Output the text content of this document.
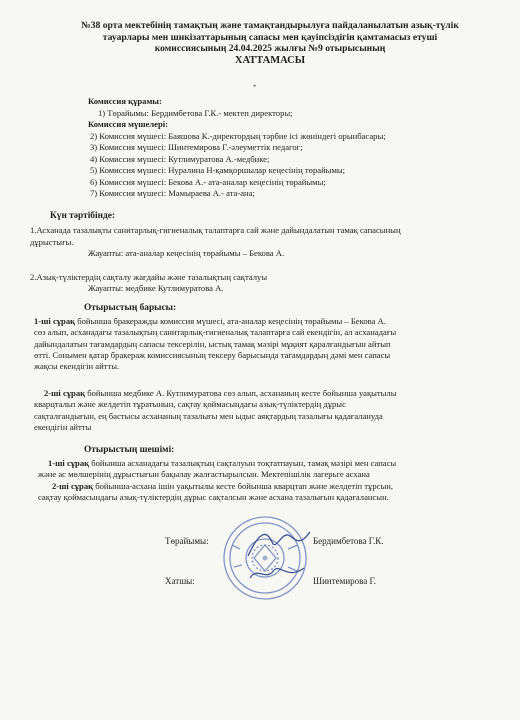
№38 орта мектебінің тамақтың және тамақтандырылуға пайдаланылатын азық-түлік
тауарлары мен шикізаттарының сапасы мен қауіпсіздігін қамтамасыз етуші
комиссиясының 24.04.2025 жылғы №9 отырысының
ХАТТАМАСЫ
•
Комиссия құрамы:
1) Төрайымы: Бердимбетова Г.К.- мектеп директоры;
Комиссия мүшелері:
2) Комиссия мүшесі: Баяшова К.-директордың тәрбие ісі жөніндегі орынбасары;
3) Комиссия мүшесі: Шинтемирова Г.-әлеуметтік педагог;
4) Комиссия мүшесі: Кутлимуратова А.-медбике;
5) Комиссия мүшесі: Нуралина Н-қамқоршылар кеңесінің төрайымы;
6) Комиссия мүшесі: Бекова А.- ата-аналар кеңесінің төрайымы;
7) Комиссия мүшесі: Мамыраева А.- ата-ана;
Күн тәртібінде:
1.Асханада тазалықты санитарлық-гигиеналық талаптарға сай және дайындалатын тамақ сапасының
дұрыстығы.
Жауапты: ата-аналар кеңесінің төрайымы – Бекова А.
2.Азық-түліктердің сақталу жағдайы және тазалықтың сақталуы
Жауапты: медбике Кутлимуратова А.
Отырыстың барысы:
1-ші сұрақ бойынша бракеражды комиссия мүшесі, ата-аналар кеңесінің төрайымы – Бекова А.
сөз алып, асханадағы тазалықтың санитарлық-гигиеналық талаптарға сай екендігін, ал асханадағы
дайындалатын тағамдардың сапасы тексерілін, ыстық тамақ мәзірі мұқият қаралғандығын айтып
өтті. Сонымен қатар бракераж комиссиясының тексеру барысында тағамдардың дәмі мен сапасы
жақсы екендігін айтты.
2-ші сұрақ бойынша медбике А. Кутлимуратова сөз алып, асхананың кесте бойынша уақытылы
кварцтальп және желдетіп тұратынын, сақтау қоймасындағы азық-түліктердің дұрыс
сақталғандығын, ең бастысы асхананың тазалығы мен ыдыс аяқтардың тазалығы қадағалануда
екендігін айтты
Отырыстың шешімі:
1-ші сұрақ бойынша асханадағы тазалықтың сақталуын тоқтатпауын, тамақ мәзірі мен сапасы
және ас мөлшерінің дұрыстығын бақылау жалғастырылсын. Мектепішілік лагерьге асхана
2-ші сұрақ бойынша-асхана ішін уақытылы кесте бойынша кварцтап және желдетіп тұрсын,
сақтау қоймасындағы азық-түліктердің дұрыс сақталсын және асхана тазалығын қадағалансын.
Төрайымы:	Бердимбетова Г.К.
Хатшы:	Шинтемирова Г.
